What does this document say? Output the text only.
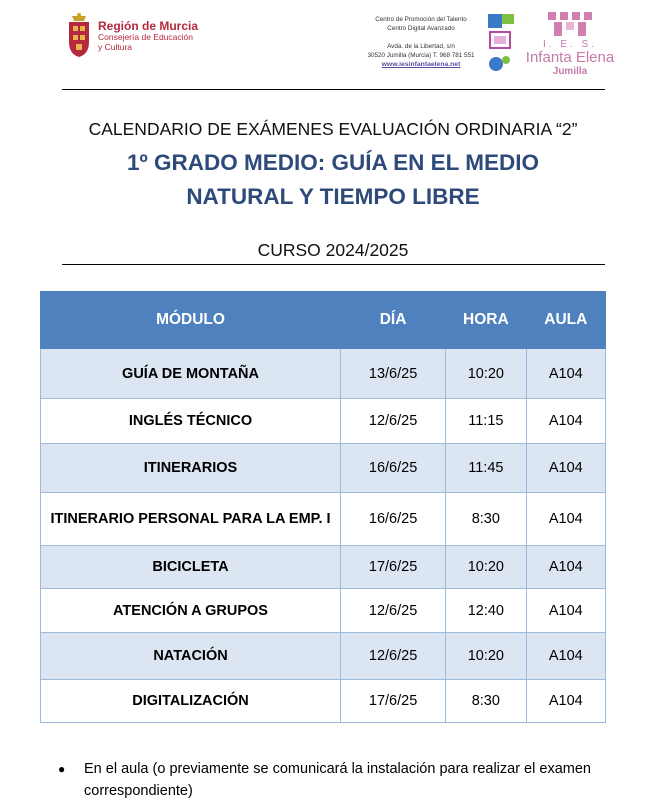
Región de Murcia
Consejería de Educación
y Cultura
Centro de Promoción del Talento
Centro Digital Avanzado
Avda. de la Libertad, s/n
30520 Jumilla (Murcia) T. 968 781 551
www.iesinfantaelena.net
I. E. S.
Infanta Elena
Jumilla
CALENDARIO DE EXÁMENES EVALUACIÓN ORDINARIA “2”
1º GRADO MEDIO: GUÍA EN EL MEDIO
NATURAL Y TIEMPO LIBRE
CURSO 2024/2025
MÓDULO	DÍA	HORA	AULA
GUÍA DE MONTAÑA	13/6/25	10:20	A104
INGLÉS TÉCNICO	12/6/25	11:15	A104
ITINERARIOS	16/6/25	11:45	A104
ITINERARIO PERSONAL PARA LA EMP. I	16/6/25	8:30	A104
BICICLETA	17/6/25	10:20	A104
ATENCIÓN A GRUPOS	12/6/25	12:40	A104
NATACIÓN	12/6/25	10:20	A104
DIGITALIZACIÓN	17/6/25	8:30	A104
●	En el aula (o previamente se comunicará la instalación para realizar el examen correspondiente)
